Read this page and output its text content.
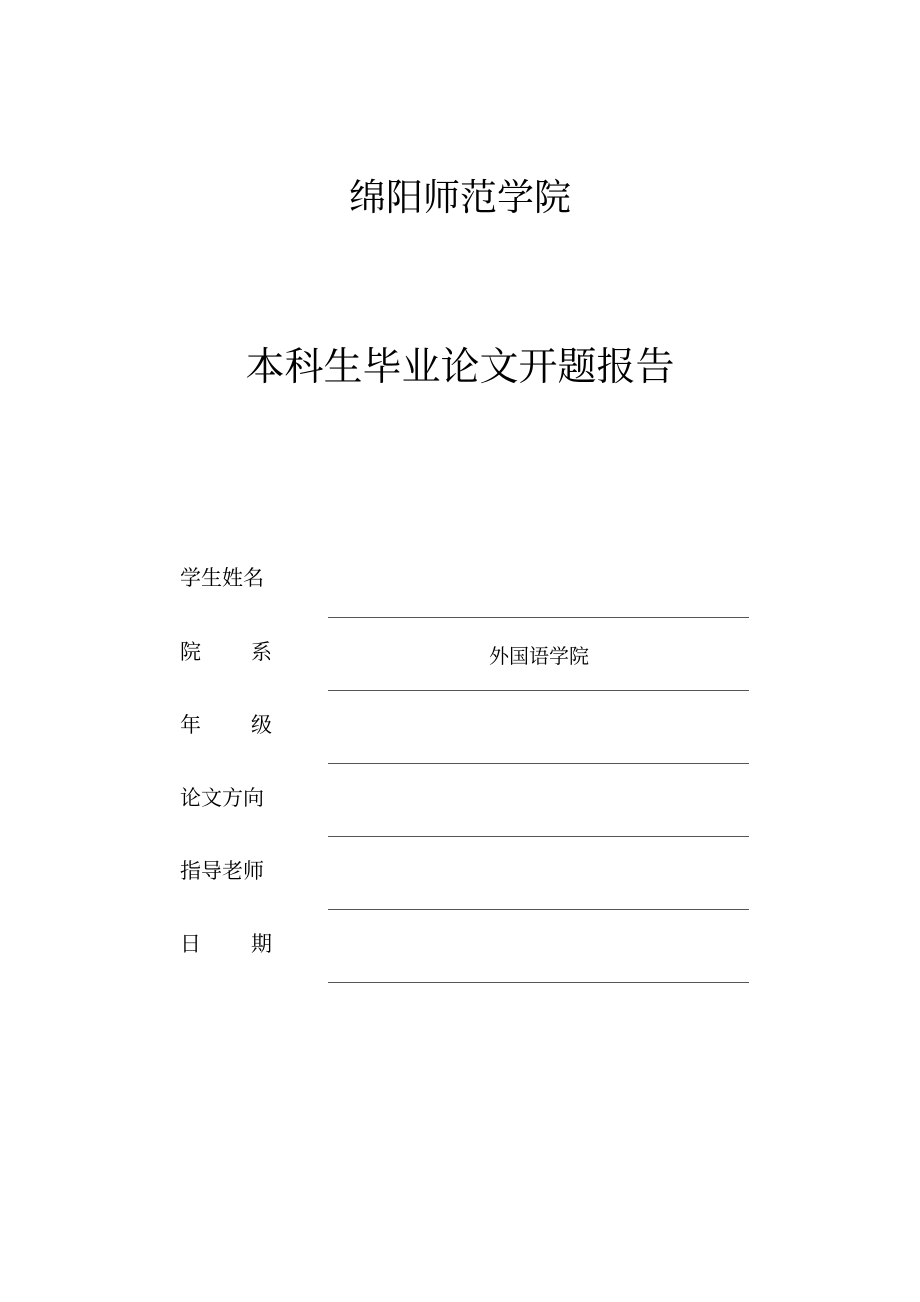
绵阳师范学院
本科生毕业论文开题报告
学生姓名
院 系	外国语学院
年 级
论文方向
指导老师
日 期
